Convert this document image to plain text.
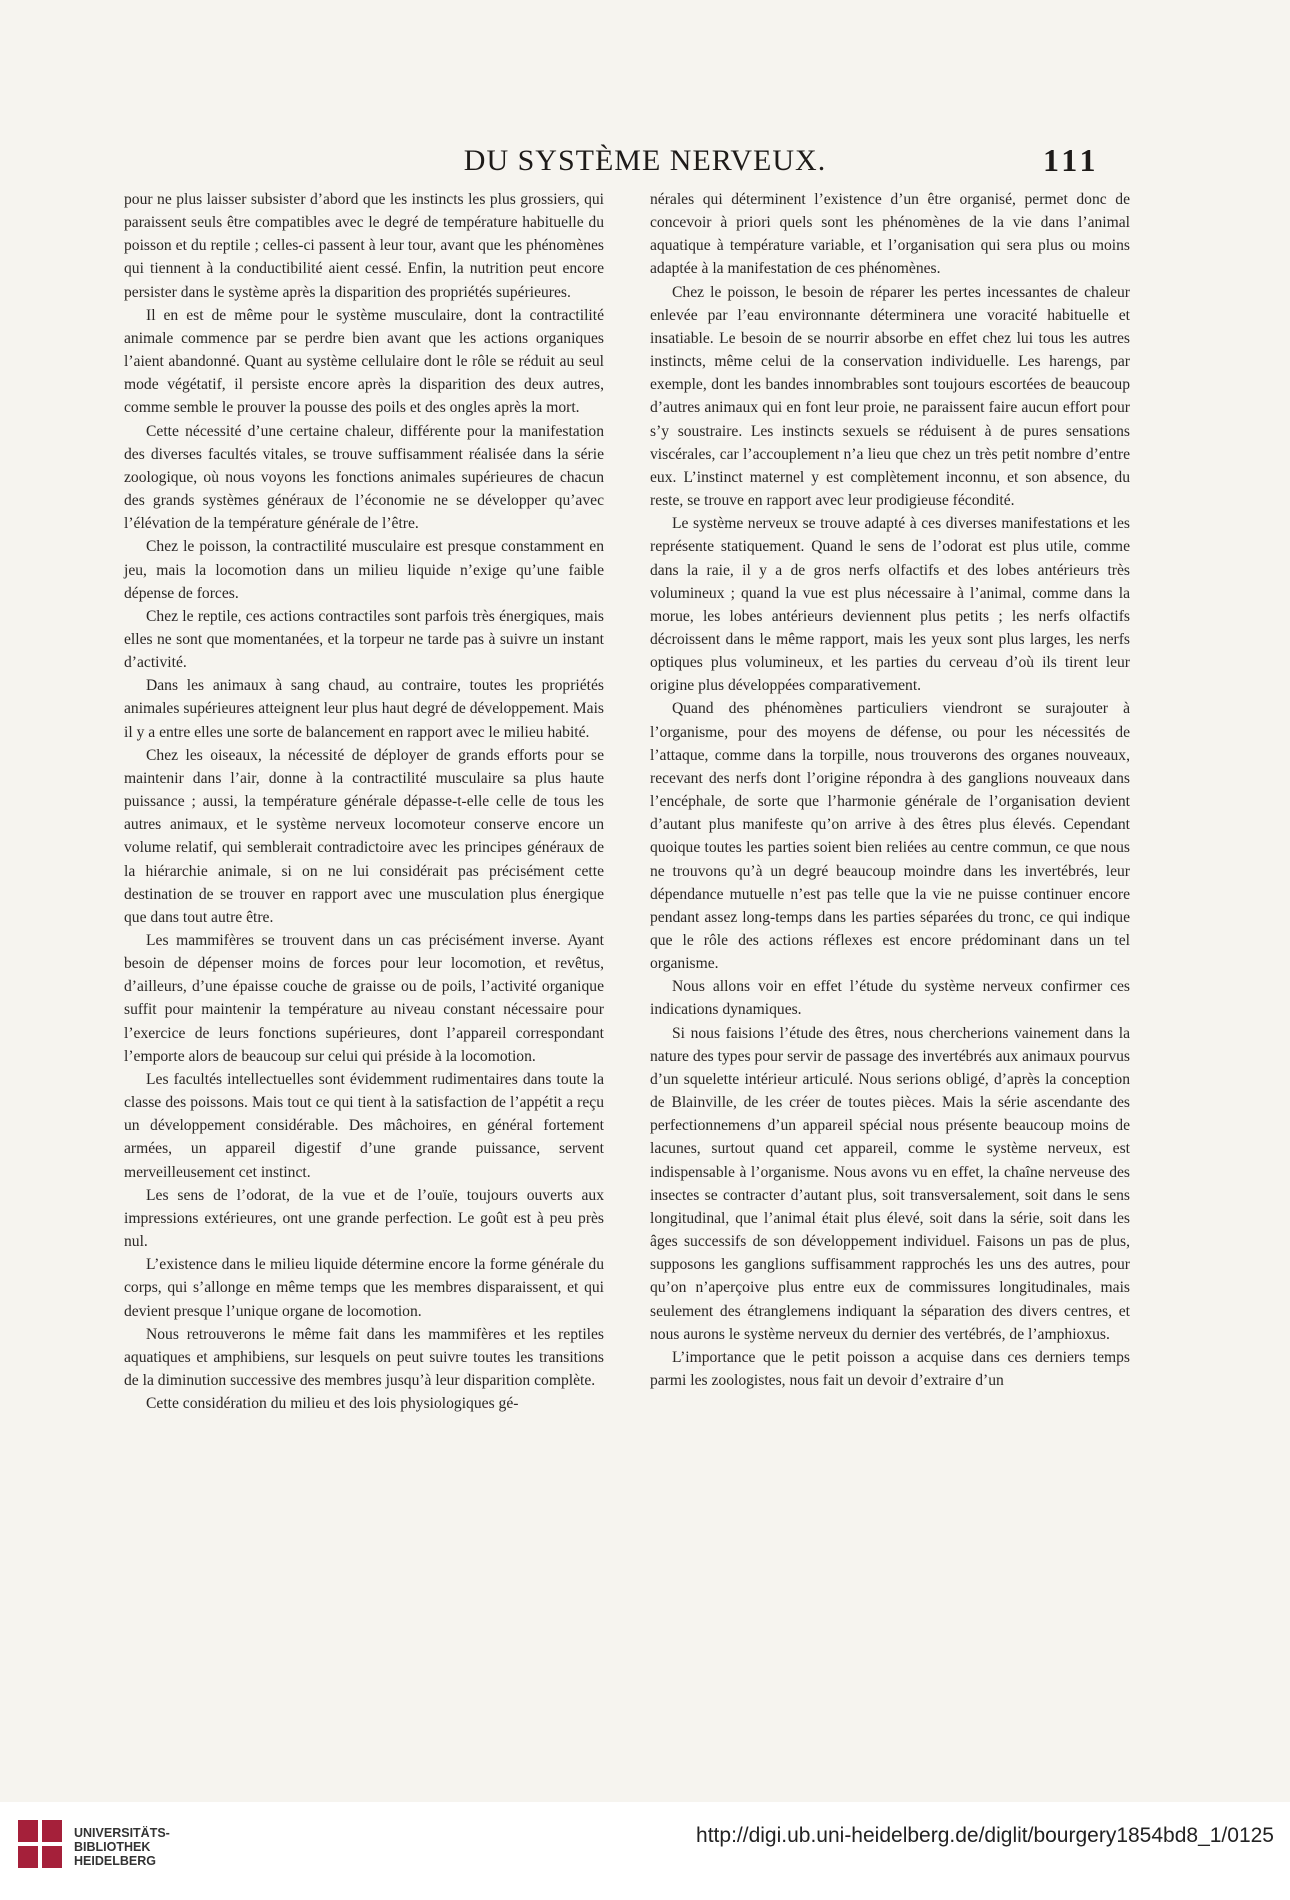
DU SYSTÈME NERVEUX.	111

pour ne plus laisser subsister d’abord que les instincts les plus grossiers, qui paraissent seuls être compatibles avec le degré de température habituelle du poisson et du reptile ; celles-ci passent à leur tour, avant que les phénomènes qui tiennent à la conductibilité aient cessé. Enfin, la nutrition peut encore persister dans le système après la disparition des propriétés supérieures.

Il en est de même pour le système musculaire, dont la contractilité animale commence par se perdre bien avant que les actions organiques l’aient abandonné. Quant au système cellulaire dont le rôle se réduit au seul mode végétatif, il persiste encore après la disparition des deux autres, comme semble le prouver la pousse des poils et des ongles après la mort.

Cette nécessité d’une certaine chaleur, différente pour la manifestation des diverses facultés vitales, se trouve suffisamment réalisée dans la série zoologique, où nous voyons les fonctions animales supérieures de chacun des grands systèmes généraux de l’économie ne se développer qu’avec l’élévation de la température générale de l’être.

Chez le poisson, la contractilité musculaire est presque constamment en jeu, mais la locomotion dans un milieu liquide n’exige qu’une faible dépense de forces.

Chez le reptile, ces actions contractiles sont parfois très énergiques, mais elles ne sont que momentanées, et la torpeur ne tarde pas à suivre un instant d’activité.

Dans les animaux à sang chaud, au contraire, toutes les propriétés animales supérieures atteignent leur plus haut degré de développement. Mais il y a entre elles une sorte de balancement en rapport avec le milieu habité.

Chez les oiseaux, la nécessité de déployer de grands efforts pour se maintenir dans l’air, donne à la contractilité musculaire sa plus haute puissance ; aussi, la température générale dépasse-t-elle celle de tous les autres animaux, et le système nerveux locomoteur conserve encore un volume relatif, qui semblerait contradictoire avec les principes généraux de la hiérarchie animale, si on ne lui considérait pas précisément cette destination de se trouver en rapport avec une musculation plus énergique que dans tout autre être.

Les mammifères se trouvent dans un cas précisément inverse. Ayant besoin de dépenser moins de forces pour leur locomotion, et revêtus, d’ailleurs, d’une épaisse couche de graisse ou de poils, l’activité organique suffit pour maintenir la température au niveau constant nécessaire pour l’exercice de leurs fonctions supérieures, dont l’appareil correspondant l’emporte alors de beaucoup sur celui qui préside à la locomotion.

Les facultés intellectuelles sont évidemment rudimentaires dans toute la classe des poissons. Mais tout ce qui tient à la satisfaction de l’appétit a reçu un développement considérable. Des mâchoires, en général fortement armées, un appareil digestif d’une grande puissance, servent merveilleusement cet instinct.

Les sens de l’odorat, de la vue et de l’ouïe, toujours ouverts aux impressions extérieures, ont une grande perfection. Le goût est à peu près nul.

L’existence dans le milieu liquide détermine encore la forme générale du corps, qui s’allonge en même temps que les membres disparaissent, et qui devient presque l’unique organe de locomotion.

Nous retrouverons le même fait dans les mammifères et les reptiles aquatiques et amphibiens, sur lesquels on peut suivre toutes les transitions de la diminution successive des membres jusqu’à leur disparition complète.

Cette considération du milieu et des lois physiologiques gé-

nérales qui déterminent l’existence d’un être organisé, permet donc de concevoir à priori quels sont les phénomènes de la vie dans l’animal aquatique à température variable, et l’organisation qui sera plus ou moins adaptée à la manifestation de ces phénomènes.

Chez le poisson, le besoin de réparer les pertes incessantes de chaleur enlevée par l’eau environnante déterminera une voracité habituelle et insatiable. Le besoin de se nourrir absorbe en effet chez lui tous les autres instincts, même celui de la conservation individuelle. Les harengs, par exemple, dont les bandes innombrables sont toujours escortées de beaucoup d’autres animaux qui en font leur proie, ne paraissent faire aucun effort pour s’y soustraire. Les instincts sexuels se réduisent à de pures sensations viscérales, car l’accouplement n’a lieu que chez un très petit nombre d’entre eux. L’instinct maternel y est complètement inconnu, et son absence, du reste, se trouve en rapport avec leur prodigieuse fécondité.

Le système nerveux se trouve adapté à ces diverses manifestations et les représente statiquement. Quand le sens de l’odorat est plus utile, comme dans la raie, il y a de gros nerfs olfactifs et des lobes antérieurs très volumineux ; quand la vue est plus nécessaire à l’animal, comme dans la morue, les lobes antérieurs deviennent plus petits ; les nerfs olfactifs décroissent dans le même rapport, mais les yeux sont plus larges, les nerfs optiques plus volumineux, et les parties du cerveau d’où ils tirent leur origine plus développées comparativement.

Quand des phénomènes particuliers viendront se surajouter à l’organisme, pour des moyens de défense, ou pour les nécessités de l’attaque, comme dans la torpille, nous trouverons des organes nouveaux, recevant des nerfs dont l’origine répondra à des ganglions nouveaux dans l’encéphale, de sorte que l’harmonie générale de l’organisation devient d’autant plus manifeste qu’on arrive à des êtres plus élevés. Cependant quoique toutes les parties soient bien reliées au centre commun, ce que nous ne trouvons qu’à un degré beaucoup moindre dans les invertébrés, leur dépendance mutuelle n’est pas telle que la vie ne puisse continuer encore pendant assez long-temps dans les parties séparées du tronc, ce qui indique que le rôle des actions réflexes est encore prédominant dans un tel organisme.

Nous allons voir en effet l’étude du système nerveux confirmer ces indications dynamiques.

Si nous faisions l’étude des êtres, nous chercherions vainement dans la nature des types pour servir de passage des invertébrés aux animaux pourvus d’un squelette intérieur articulé. Nous serions obligé, d’après la conception de Blainville, de les créer de toutes pièces. Mais la série ascendante des perfectionnemens d’un appareil spécial nous présente beaucoup moins de lacunes, surtout quand cet appareil, comme le système nerveux, est indispensable à l’organisme. Nous avons vu en effet, la chaîne nerveuse des insectes se contracter d’autant plus, soit transversalement, soit dans le sens longitudinal, que l’animal était plus élevé, soit dans la série, soit dans les âges successifs de son développement individuel. Faisons un pas de plus, supposons les ganglions suffisamment rapprochés les uns des autres, pour qu’on n’aperçoive plus entre eux de commissures longitudinales, mais seulement des étranglemens indiquant la séparation des divers centres, et nous aurons le système nerveux du dernier des vertébrés, de l’amphioxus.

L’importance que le petit poisson a acquise dans ces derniers temps parmi les zoologistes, nous fait un devoir d’extraire d’un

UNIVERSITÄTS-
BIBLIOTHEK
HEIDELBERG
http://digi.ub.uni-heidelberg.de/diglit/bourgery1854bd8_1/0125
